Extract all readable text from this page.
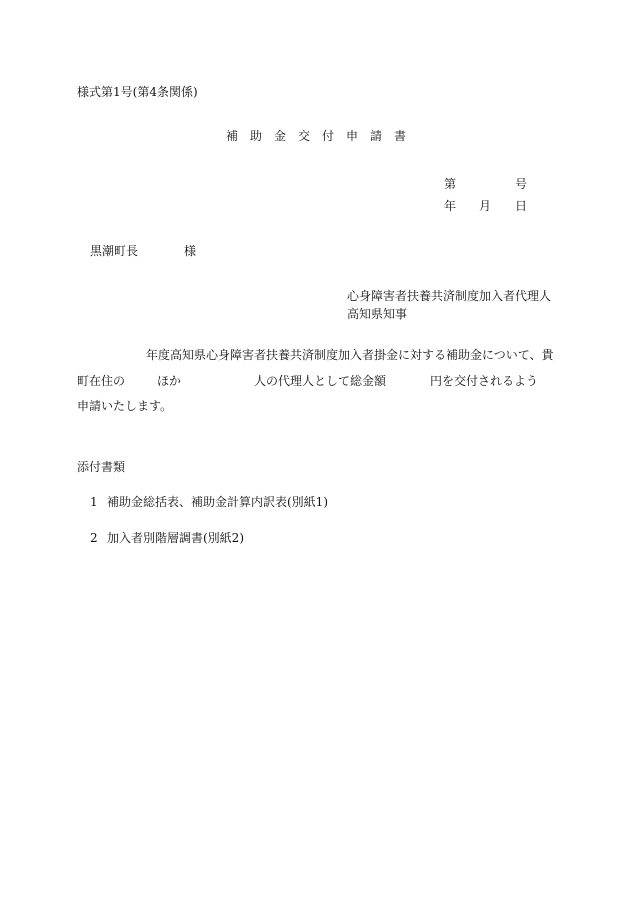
様式第1号(第4条関係)
補助金交付申請書
第	号
年 月 日
黒潮町長	様
心身障害者扶養共済制度加入者代理人
高知県知事
年度高知県心身障害者扶養共済制度加入者掛金に対する補助金について、貴
町在住の	ほか	人の代理人として総金額	円を交付されるよう
申請いたします。
添付書類
1 補助金総括表、補助金計算内訳表(別紙1)
2 加入者別階層調書(別紙2)
